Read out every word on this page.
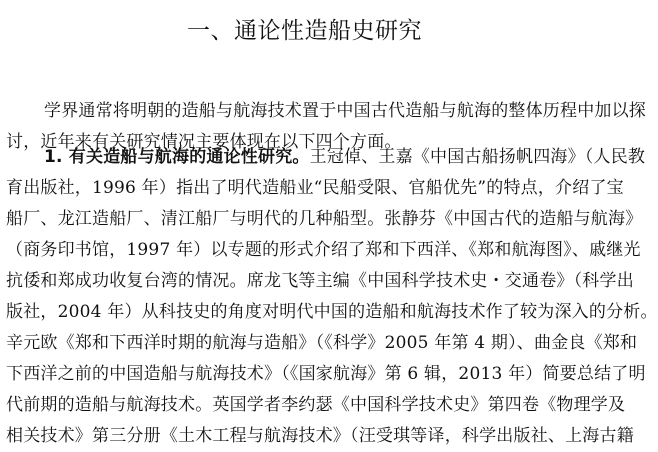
一、通论性造船史研究
学界通常将明朝的造船与航海技术置于中国古代造船与航海的整体历程中加以探
讨，近年来有关研究情况主要体现在以下四个方面。
1. 有关造船与航海的通论性研究。王冠倬、王嘉《中国古船扬帆四海》（人民教
育出版社，1996 年）指出了明代造船业“民船受限、官船优先”的特点，介绍了宝
船厂、龙江造船厂、清江船厂与明代的几种船型。张静芬《中国古代的造船与航海》
（商务印书馆，1997 年）以专题的形式介绍了郑和下西洋、《郑和航海图》、戚继光
抗倭和郑成功收复台湾的情况。席龙飞等主编《中国科学技术史・交通卷》（科学出
版社，2004 年）从科技史的角度对明代中国的造船和航海技术作了较为深入的分析。
辛元欧《郑和下西洋时期的航海与造船》（《科学》2005 年第 4 期）、曲金良《郑和
下西洋之前的中国造船与航海技术》（《国家航海》第 6 辑，2013 年）简要总结了明
代前期的造船与航海技术。英国学者李约瑟《中国科学技术史》第四卷《物理学及
相关技术》第三分册《土木工程与航海技术》（汪受琪等译，科学出版社、上海古籍
